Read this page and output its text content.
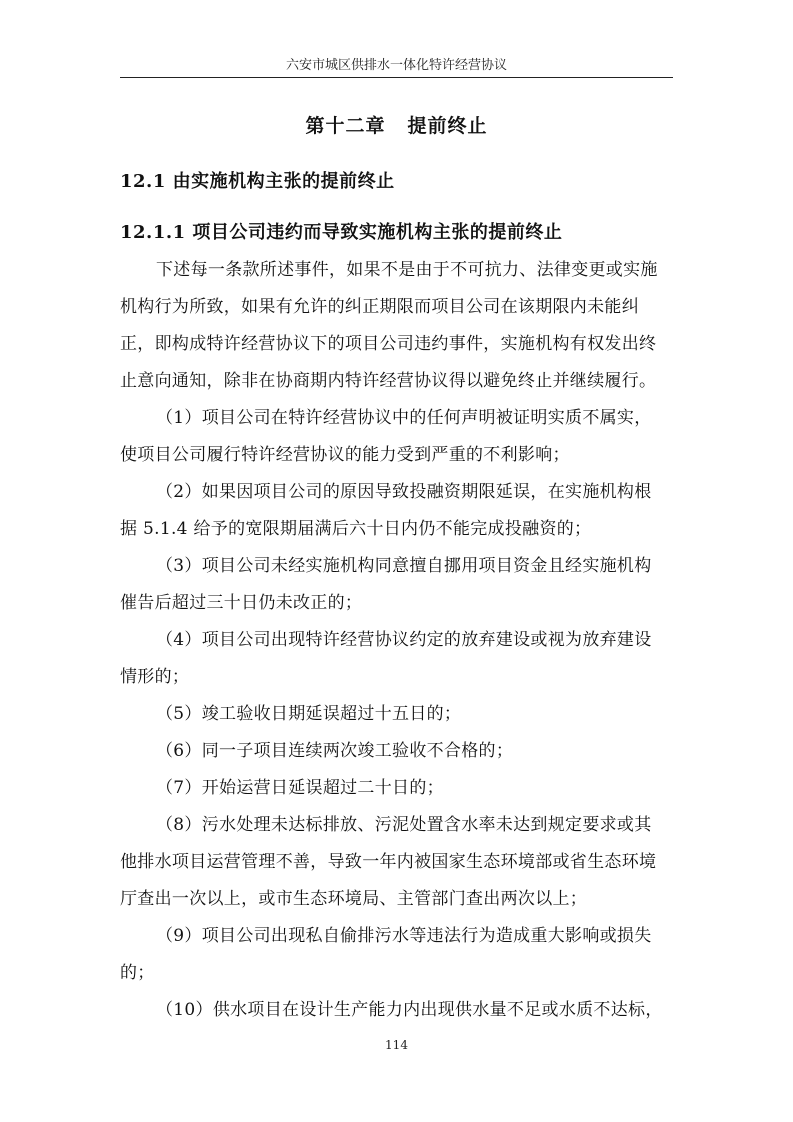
六安市城区供排水一体化特许经营协议
第十二章 提前终止
12.1 由实施机构主张的提前终止
12.1.1 项目公司违约而导致实施机构主张的提前终止
下述每一条款所述事件，如果不是由于不可抗力、法律变更或实施
机构行为所致，如果有允许的纠正期限而项目公司在该期限内未能纠
正，即构成特许经营协议下的项目公司违约事件，实施机构有权发出终
止意向通知，除非在协商期内特许经营协议得以避免终止并继续履行。
（1）项目公司在特许经营协议中的任何声明被证明实质不属实，
使项目公司履行特许经营协议的能力受到严重的不利影响；
（2）如果因项目公司的原因导致投融资期限延误，在实施机构根
据 5.1.4 给予的宽限期届满后六十日内仍不能完成投融资的；
（3）项目公司未经实施机构同意擅自挪用项目资金且经实施机构
催告后超过三十日仍未改正的；
（4）项目公司出现特许经营协议约定的放弃建设或视为放弃建设
情形的；
（5）竣工验收日期延误超过十五日的；
（6）同一子项目连续两次竣工验收不合格的；
（7）开始运营日延误超过二十日的；
（8）污水处理未达标排放、污泥处置含水率未达到规定要求或其
他排水项目运营管理不善，导致一年内被国家生态环境部或省生态环境
厅查出一次以上，或市生态环境局、主管部门查出两次以上；
（9）项目公司出现私自偷排污水等违法行为造成重大影响或损失
的；
（10）供水项目在设计生产能力内出现供水量不足或水质不达标，
114
